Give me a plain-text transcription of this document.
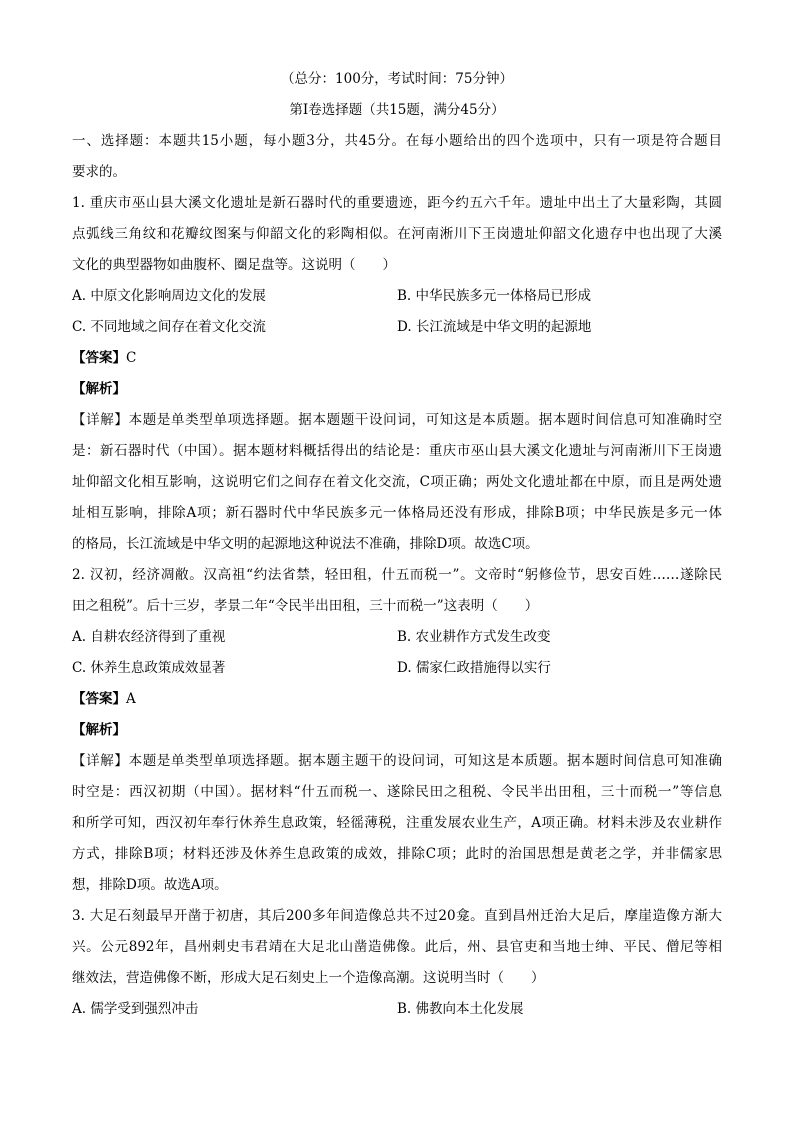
（总分：100分，考试时间：75分钟）
第Ⅰ卷选择题（共15题，满分45分）
一、选择题：本题共15小题，每小题3分，共45分。在每小题给出的四个选项中，只有一项是符合题目
要求的。
1. 重庆市巫山县大溪文化遗址是新石器时代的重要遗迹，距今约五六千年。遗址中出土了大量彩陶，其圆
点弧线三角纹和花瓣纹图案与仰韶文化的彩陶相似。在河南淅川下王岗遗址仰韶文化遗存中也出现了大溪
文化的典型器物如曲腹杯、圈足盘等。这说明（　　）
A. 中原文化影响周边文化的发展	B. 中华民族多元一体格局已形成
C. 不同地域之间存在着文化交流	D. 长江流域是中华文明的起源地
【答案】C
【解析】
【详解】本题是单类型单项选择题。据本题题干设问词，可知这是本质题。据本题时间信息可知准确时空
是：新石器时代（中国）。据本题材料概括得出的结论是：重庆市巫山县大溪文化遗址与河南淅川下王岗遗
址仰韶文化相互影响，这说明它们之间存在着文化交流，C项正确；两处文化遗址都在中原，而且是两处遗
址相互影响，排除A项；新石器时代中华民族多元一体格局还没有形成，排除B项；中华民族是多元一体
的格局，长江流域是中华文明的起源地这种说法不准确，排除D项。故选C项。
2. 汉初，经济凋敝。汉高祖“约法省禁，轻田租，什五而税一”。文帝时“躬修俭节，思安百姓……遂除民
田之租税”。后十三岁，孝景二年“令民半出田租，三十而税一”这表明（　　）
A. 自耕农经济得到了重视	B. 农业耕作方式发生改变
C. 休养生息政策成效显著	D. 儒家仁政措施得以实行
【答案】A
【解析】
【详解】本题是单类型单项选择题。据本题主题干的设问词，可知这是本质题。据本题时间信息可知准确
时空是：西汉初期（中国）。据材料“什五而税一、遂除民田之租税、令民半出田租，三十而税一”等信息
和所学可知，西汉初年奉行休养生息政策，轻徭薄税，注重发展农业生产，A项正确。材料未涉及农业耕作
方式，排除B项；材料还涉及休养生息政策的成效，排除C项；此时的治国思想是黄老之学，并非儒家思
想，排除D项。故选A项。
3. 大足石刻最早开凿于初唐，其后200多年间造像总共不过20龛。直到昌州迁治大足后，摩崖造像方渐大
兴。公元892年，昌州刺史韦君靖在大足北山凿造佛像。此后，州、县官吏和当地士绅、平民、僧尼等相
继效法，营造佛像不断，形成大足石刻史上一个造像高潮。这说明当时（　　）
A. 儒学受到强烈冲击	B. 佛教向本土化发展
